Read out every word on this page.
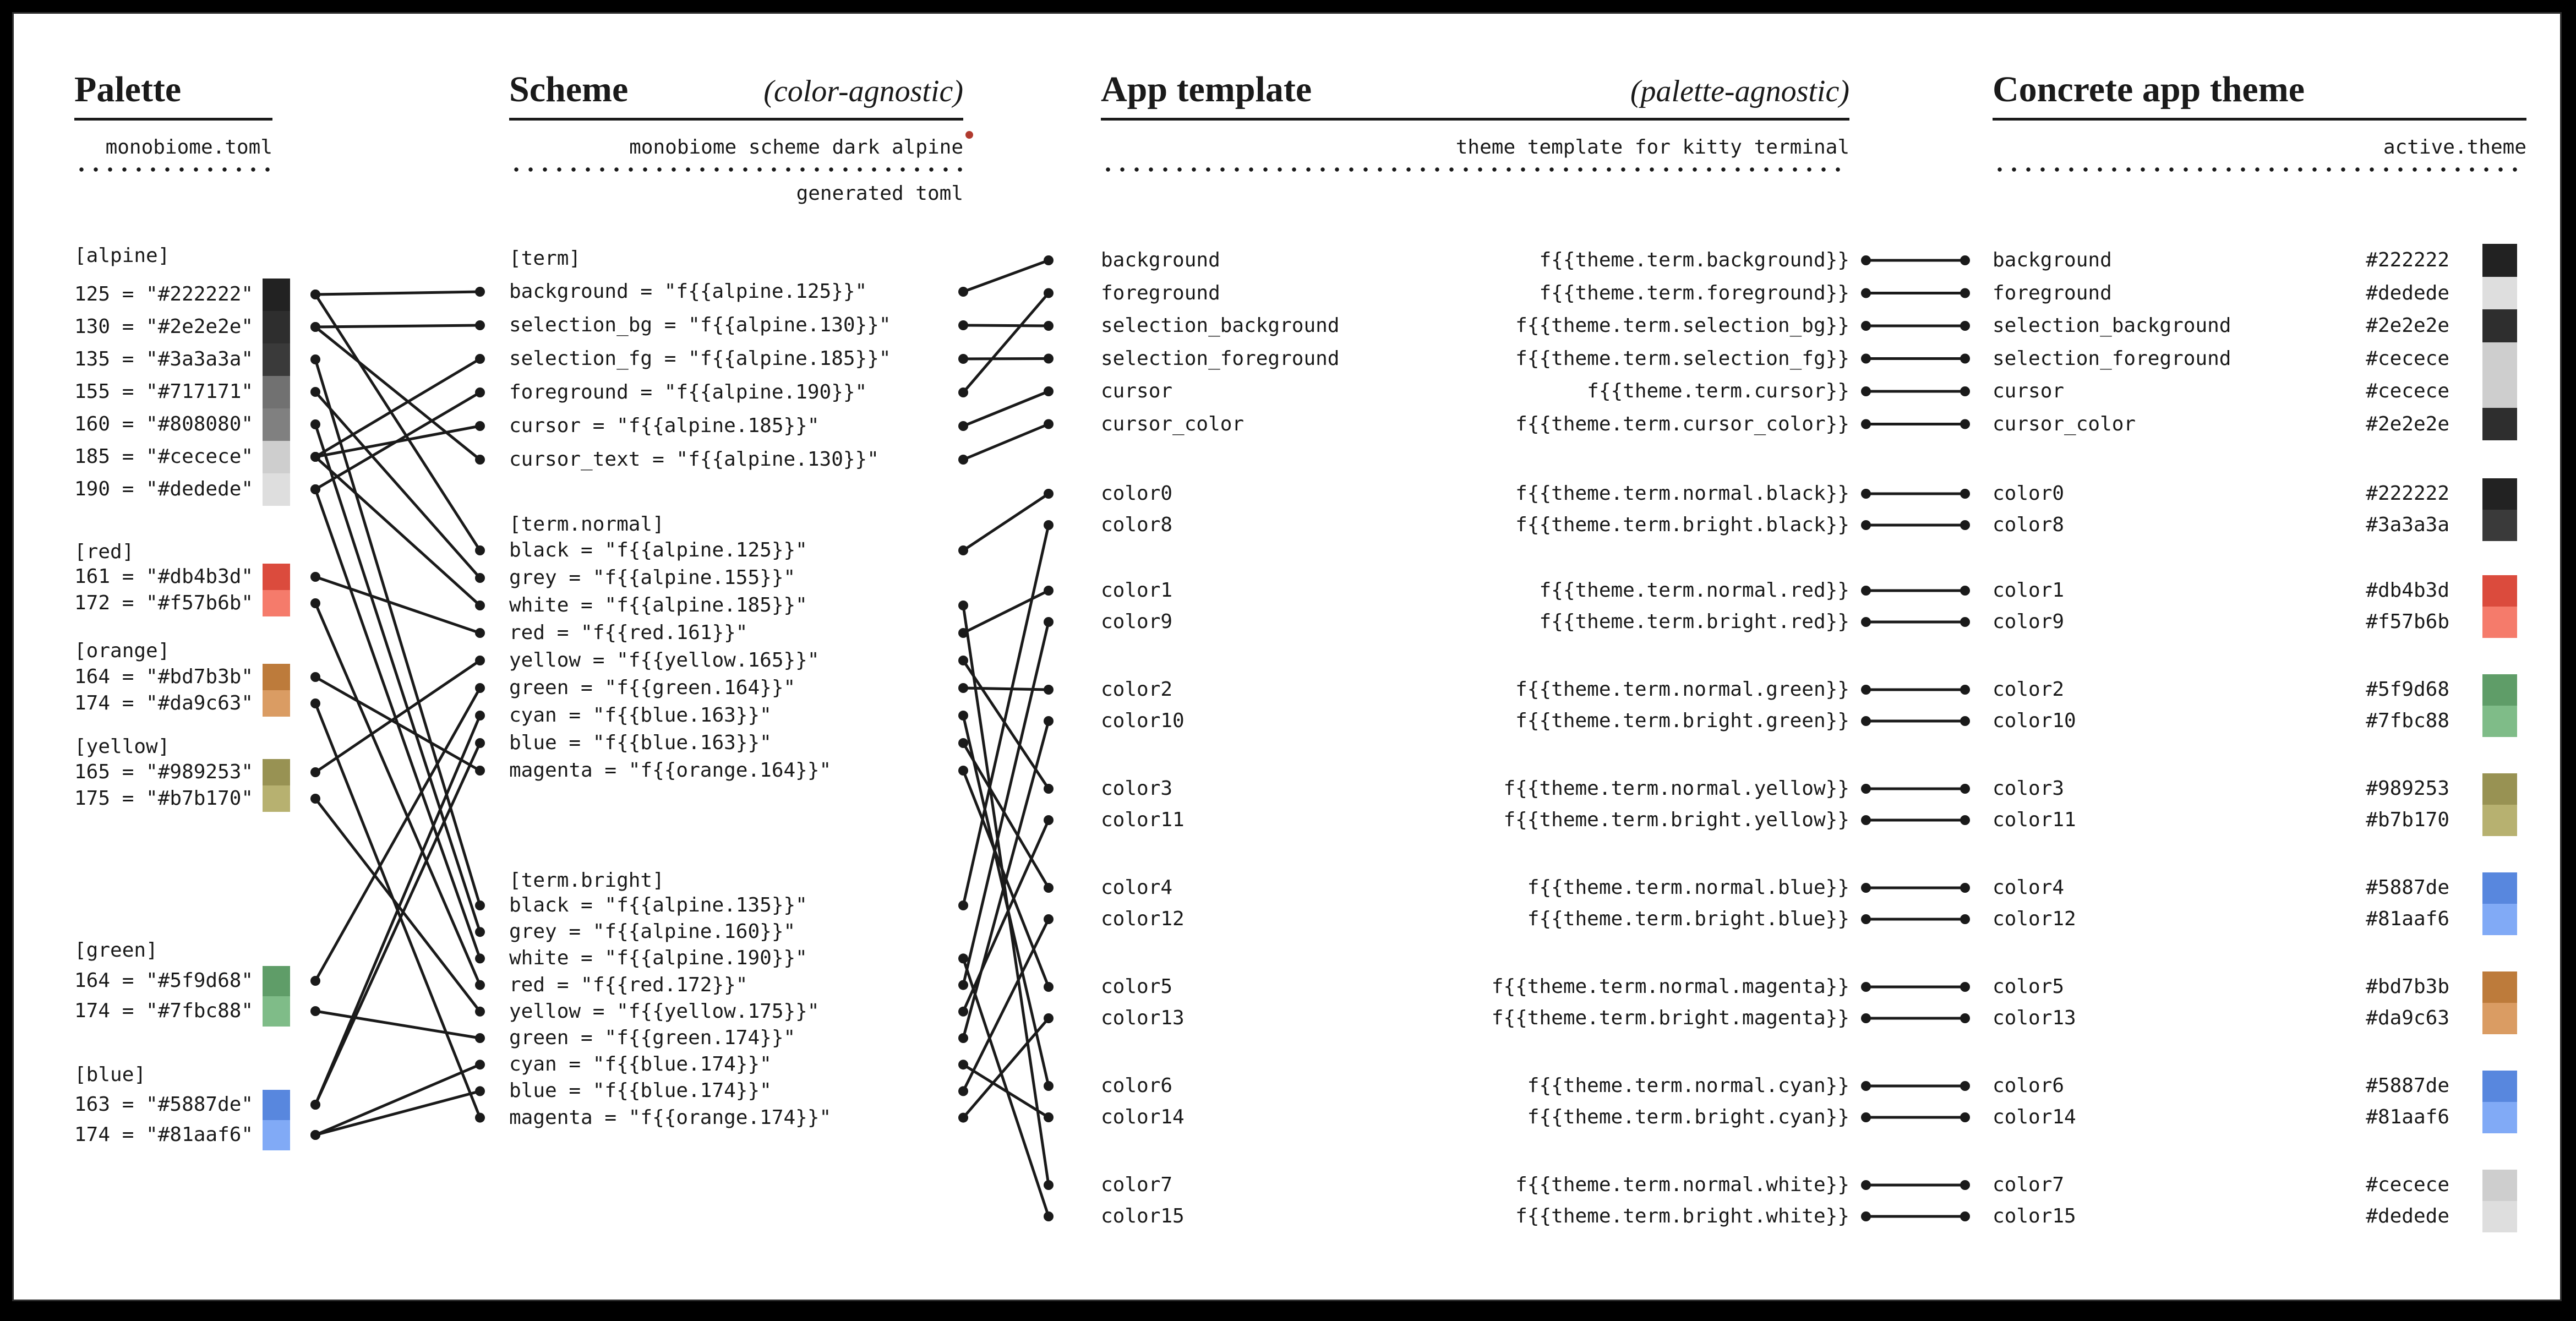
Palette
monobiome.toml
Scheme	(color-agnostic)
monobiome scheme dark alpine
generated toml
App template	(palette-agnostic)
theme template for kitty terminal
Concrete app theme
active.theme
[alpine]
125 = "#222222"
130 = "#2e2e2e"
135 = "#3a3a3a"
155 = "#717171"
160 = "#808080"
185 = "#cecece"
190 = "#dedede"
[red]
161 = "#db4b3d"
172 = "#f57b6b"
[orange]
164 = "#bd7b3b"
174 = "#da9c63"
[yellow]
165 = "#989253"
175 = "#b7b170"
[green]
164 = "#5f9d68"
174 = "#7fbc88"
[blue]
163 = "#5887de"
174 = "#81aaf6"
[term]
background = "f{{alpine.125}}"
selection_bg = "f{{alpine.130}}"
selection_fg = "f{{alpine.185}}"
foreground = "f{{alpine.190}}"
cursor = "f{{alpine.185}}"
cursor_text = "f{{alpine.130}}"
[term.normal]
black = "f{{alpine.125}}"
grey = "f{{alpine.155}}"
white = "f{{alpine.185}}"
red = "f{{red.161}}"
yellow = "f{{yellow.165}}"
green = "f{{green.164}}"
cyan = "f{{blue.163}}"
blue = "f{{blue.163}}"
magenta = "f{{orange.164}}"
[term.bright]
black = "f{{alpine.135}}"
grey = "f{{alpine.160}}"
white = "f{{alpine.190}}"
red = "f{{red.172}}"
yellow = "f{{yellow.175}}"
green = "f{{green.174}}"
cyan = "f{{blue.174}}"
blue = "f{{blue.174}}"
magenta = "f{{orange.174}}"
background	f{{theme.term.background}}
foreground	f{{theme.term.foreground}}
selection_background	f{{theme.term.selection_bg}}
selection_foreground	f{{theme.term.selection_fg}}
cursor	f{{theme.term.cursor}}
cursor_color	f{{theme.term.cursor_color}}
color0	f{{theme.term.normal.black}}
color8	f{{theme.term.bright.black}}
color1	f{{theme.term.normal.red}}
color9	f{{theme.term.bright.red}}
color2	f{{theme.term.normal.green}}
color10	f{{theme.term.bright.green}}
color3	f{{theme.term.normal.yellow}}
color11	f{{theme.term.bright.yellow}}
color4	f{{theme.term.normal.blue}}
color12	f{{theme.term.bright.blue}}
color5	f{{theme.term.normal.magenta}}
color13	f{{theme.term.bright.magenta}}
color6	f{{theme.term.normal.cyan}}
color14	f{{theme.term.bright.cyan}}
color7	f{{theme.term.normal.white}}
color15	f{{theme.term.bright.white}}
background	#222222
foreground	#dedede
selection_background	#2e2e2e
selection_foreground	#cecece
cursor	#cecece
cursor_color	#2e2e2e
color0	#222222
color8	#3a3a3a
color1	#db4b3d
color9	#f57b6b
color2	#5f9d68
color10	#7fbc88
color3	#989253
color11	#b7b170
color4	#5887de
color12	#81aaf6
color5	#bd7b3b
color13	#da9c63
color6	#5887de
color14	#81aaf6
color7	#cecece
color15	#dedede
